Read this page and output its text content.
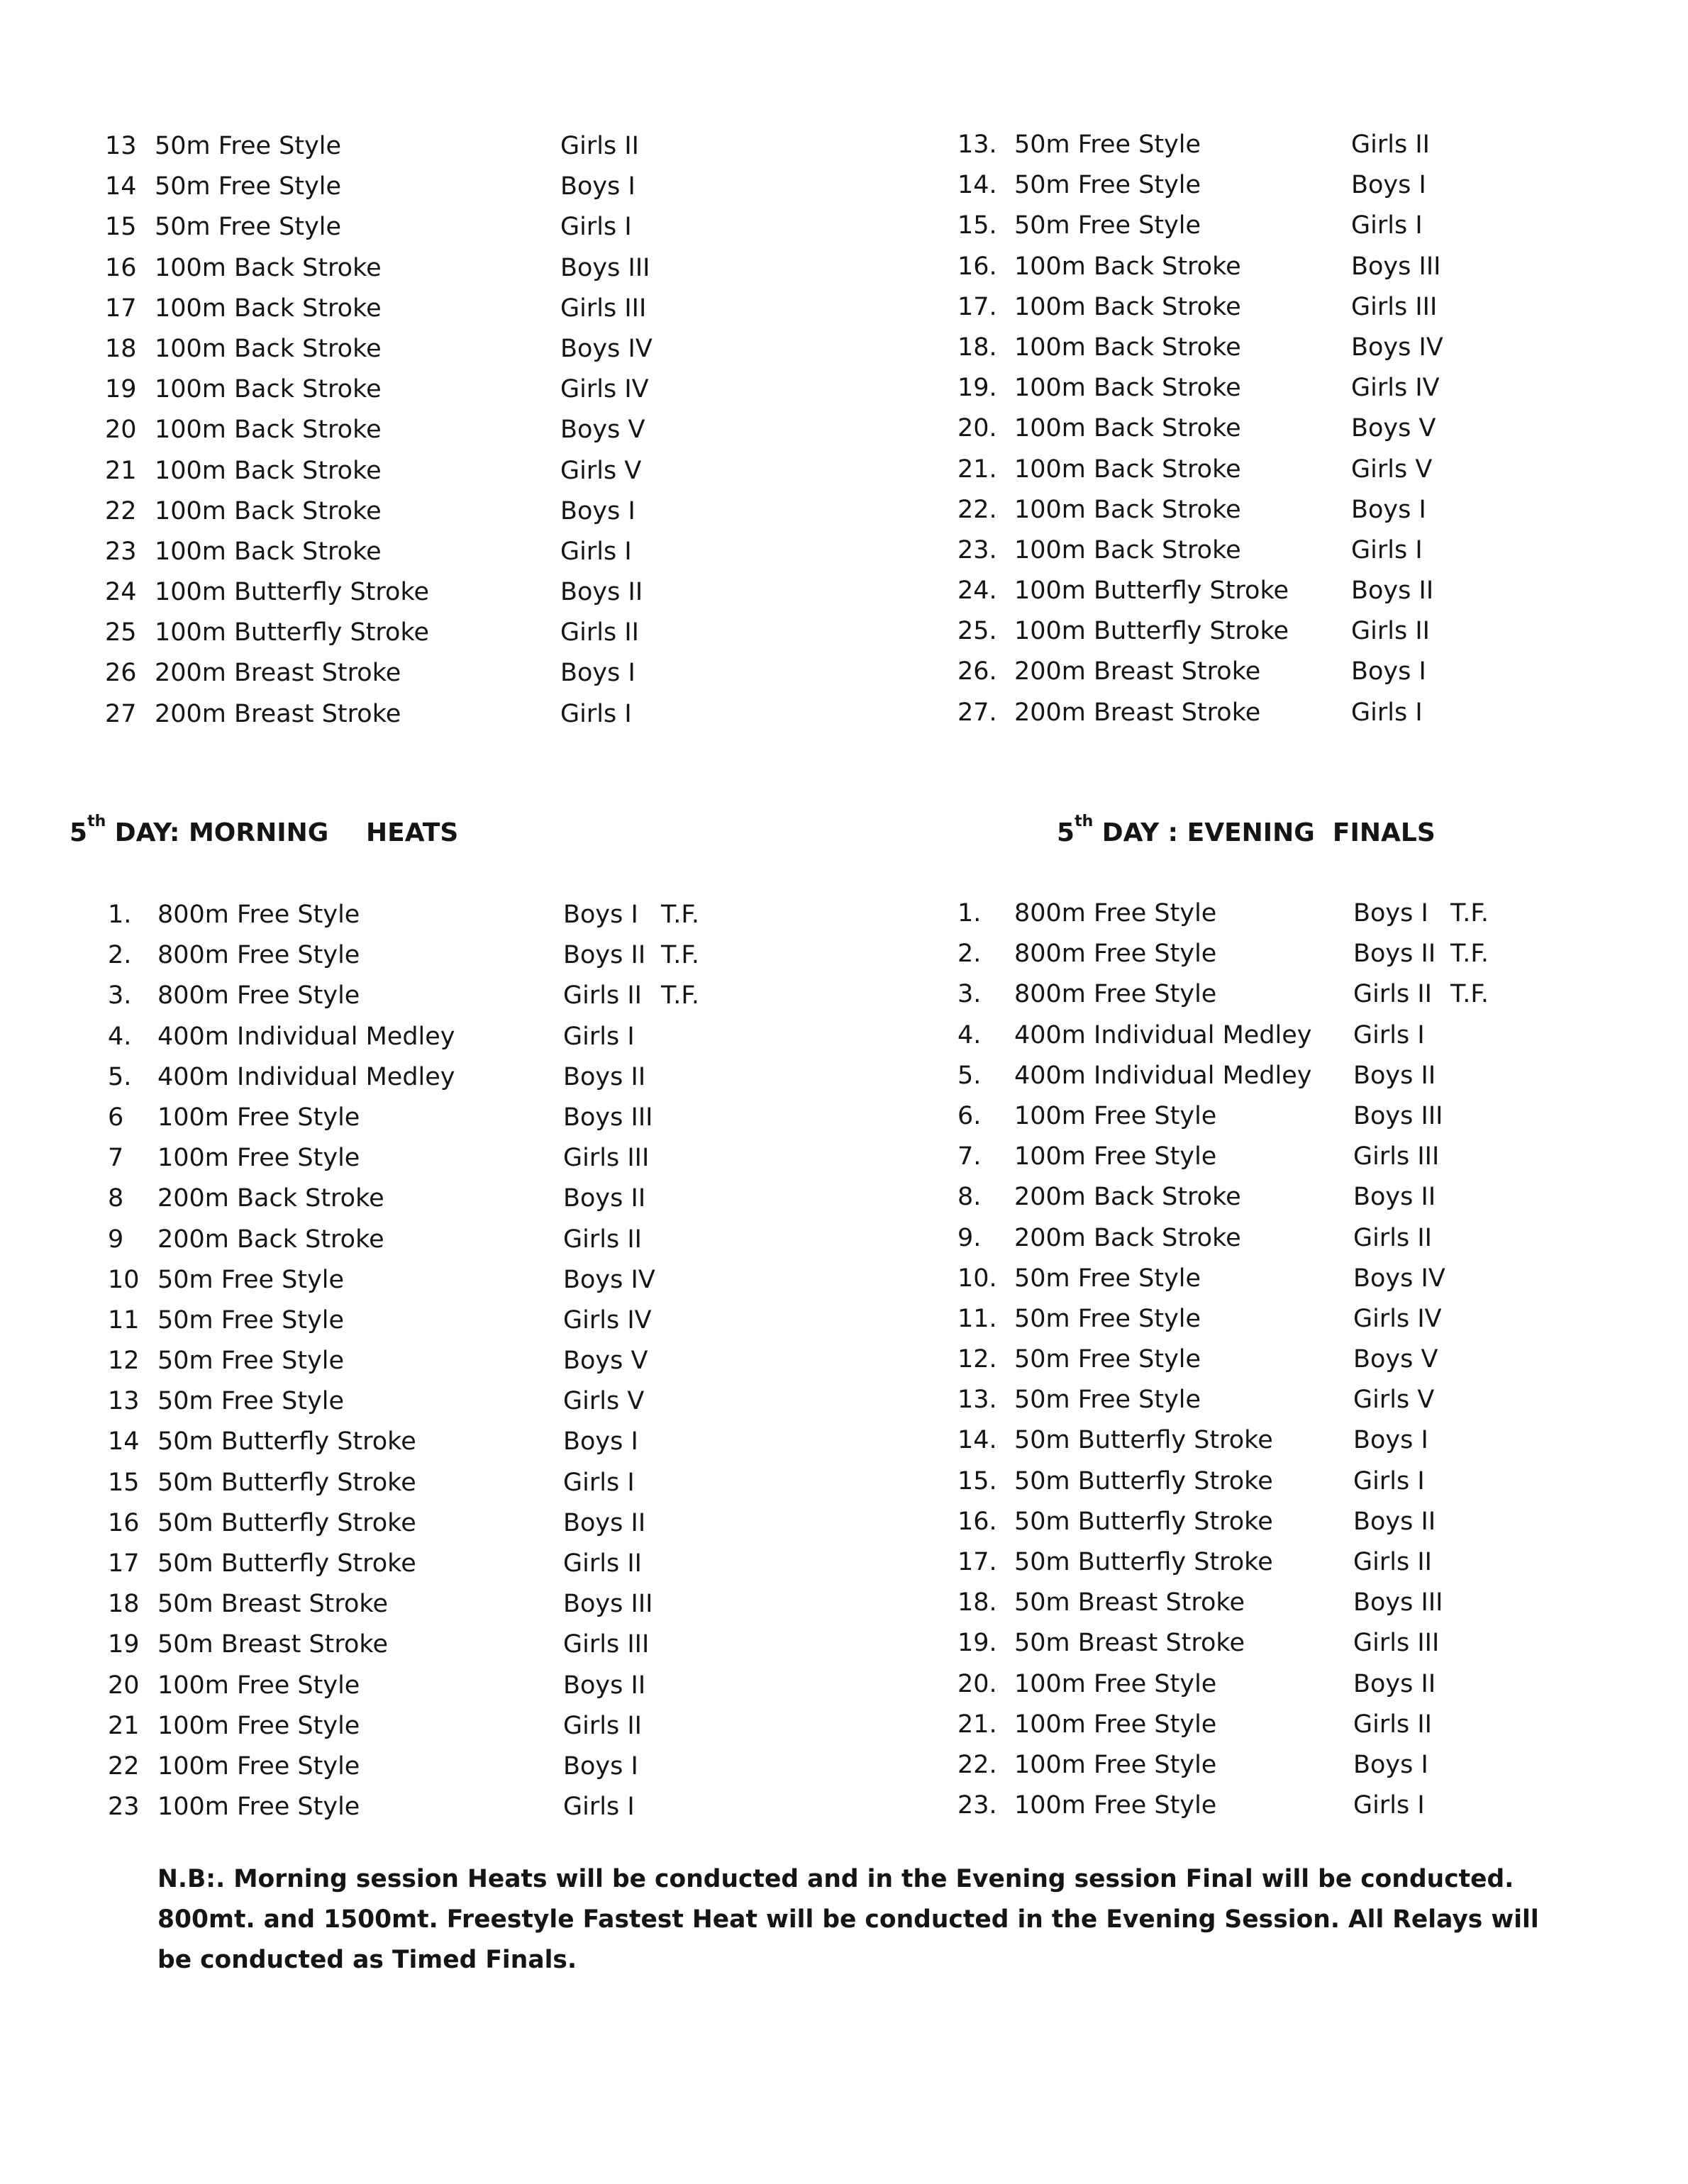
13 50m Free Style	Girls II
14 50m Free Style	Boys I
15 50m Free Style	Girls I
16 100m Back Stroke	Boys III
17 100m Back Stroke	Girls III
18 100m Back Stroke	Boys IV
19 100m Back Stroke	Girls IV
20 100m Back Stroke	Boys V
21 100m Back Stroke	Girls V
22 100m Back Stroke	Boys I
23 100m Back Stroke	Girls I
24 100m Butterfly Stroke	Boys II
25 100m Butterfly Stroke	Girls II
26 200m Breast Stroke	Boys I
27 200m Breast Stroke	Girls I
13. 50m Free Style	Girls II
14. 50m Free Style	Boys I
15. 50m Free Style	Girls I
16. 100m Back Stroke	Boys III
17. 100m Back Stroke	Girls III
18. 100m Back Stroke	Boys IV
19. 100m Back Stroke	Girls IV
20. 100m Back Stroke	Boys V
21. 100m Back Stroke	Girls V
22. 100m Back Stroke	Boys I
23. 100m Back Stroke	Girls I
24. 100m Butterfly Stroke	Boys II
25. 100m Butterfly Stroke	Girls II
26. 200m Breast Stroke	Boys I
27. 200m Breast Stroke	Girls I
5th DAY: MORNING HEATS	5th DAY : EVENING  FINALS
1. 800m Free Style	Boys I T.F.
2. 800m Free Style	Boys II T.F.
3. 800m Free Style	Girls II T.F.
4. 400m Individual Medley	Girls I
5. 400m Individual Medley	Boys II
6 100m Free Style	Boys III
7 100m Free Style	Girls III
8 200m Back Stroke	Boys II
9 200m Back Stroke	Girls II
10 50m Free Style	Boys IV
11 50m Free Style	Girls IV
12 50m Free Style	Boys V
13 50m Free Style	Girls V
14 50m Butterfly Stroke	Boys I
15 50m Butterfly Stroke	Girls I
16 50m Butterfly Stroke	Boys II
17 50m Butterfly Stroke	Girls II
18 50m Breast Stroke	Boys III
19 50m Breast Stroke	Girls III
20 100m Free Style	Boys II
21 100m Free Style	Girls II
22 100m Free Style	Boys I
23 100m Free Style	Girls I
1. 800m Free Style	Boys I T.F.
2. 800m Free Style	Boys II T.F.
3. 800m Free Style	Girls II T.F.
4. 400m Individual Medley Girls I
5. 400m Individual Medley Boys II
6. 100m Free Style	Boys III
7. 100m Free Style	Girls III
8. 200m Back Stroke	Boys II
9. 200m Back Stroke	Girls II
10. 50m Free Style	Boys IV
11. 50m Free Style	Girls IV
12. 50m Free Style	Boys V
13. 50m Free Style	Girls V
14. 50m Butterfly Stroke	Boys I
15. 50m Butterfly Stroke	Girls I
16. 50m Butterfly Stroke	Boys II
17. 50m Butterfly Stroke	Girls II
18. 50m Breast Stroke	Boys III
19. 50m Breast Stroke	Girls III
20. 100m Free Style	Boys II
21. 100m Free Style	Girls II
22. 100m Free Style	Boys I
23. 100m Free Style	Girls I
N.B:. Morning session Heats will be conducted and in the Evening session Final will be conducted. 800mt. and 1500mt. Freestyle Fastest Heat will be conducted in the Evening Session. All Relays will be conducted as Timed Finals.
